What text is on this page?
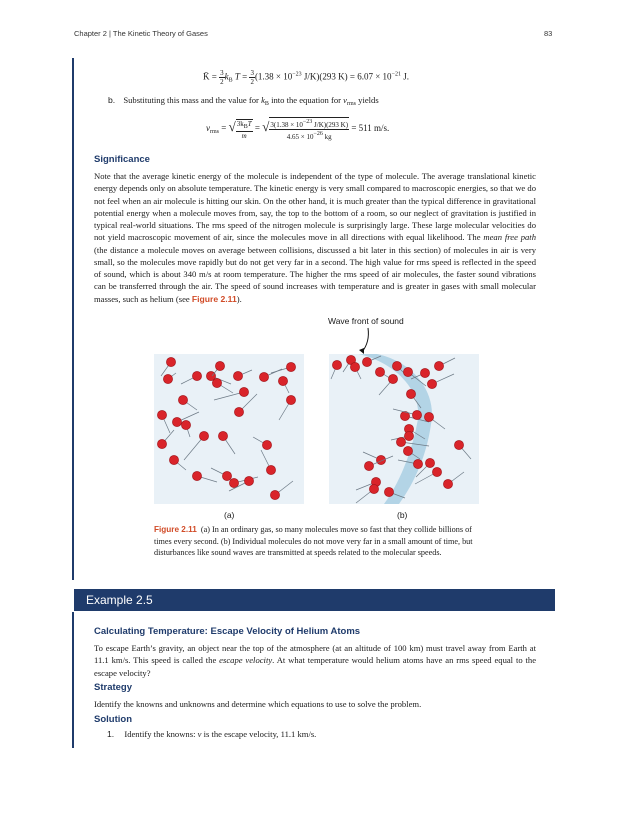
Chapter 2 | The Kinetic Theory of Gases	83
K̄ = $\frac{3}{2} k_B$ $T = \frac{3}{2} (1.38 \times 10^{-23}$ J/K)(293 $K) = 6.07 \times 10^{-21}$ J.
b. Substituting this mass and the value for $k_B$ into the equation for $v_{rms}$ yields
$v_{rms}$ = √ $\frac{\text{3kBT}}{m}$ = √ $\frac{3(1.38 \times 10-23 J/K)(293 K)}{4.65 \times 10-26 kg} = 511$ m/s.
Significance
Note that the average kinetic energy of the molecule is independent of the type of molecule. The average translational kinetic energy depends only on absolute temperature. The kinetic energy is very small compared to macroscopic energies, so that we do not feel when an air molecule is hitting our skin. On the other hand, it is much greater than the typical difference in gravitational potential energy when a molecule moves from, say, the top to the bottom of a room, so our neglect of gravitation is justified in typical real-world situations. The rms speed of the nitrogen molecule is surprisingly large. These large molecular velocities do not yield macroscopic movement of air, since the molecules move in all directions with equal likelihood. The mean free path (the distance a molecule moves on average between collisions, discussed a bit later in this section) of molecules in air is very small, so the molecules move rapidly but do not get very far in a second. The high value for rms speed is reflected in the speed of sound, which is about 340 m/s at room temperature. The higher the rms speed of air molecules, the faster sound vibrations can be transferred through the air. The speed of sound increases with temperature and is greater in gases with small molecular masses, such as helium (see Figure 2.11).
Wave front of sound
(a)	(b)
Figure 2.11 (a) In an ordinary gas, so many molecules move so fast that they collide billions of times every second. (b) Individual molecules do not move very far in a small amount of time, but disturbances like sound waves are transmitted at speeds related to the molecular speeds.
Example 2.5
Calculating Temperature: Escape Velocity of Helium Atoms
To escape Earth’s gravity, an object near the top of the atmosphere (at an altitude of 100 km) must travel away from Earth at 11.1 km/s. This speed is called the escape velocity. At what temperature would helium atoms have an rms speed equal to the escape velocity?
Strategy
Identify the knowns and unknowns and determine which equations to use to solve the problem.
Solution
1. Identify the knowns: v is the escape velocity, 11.1 km/s.
